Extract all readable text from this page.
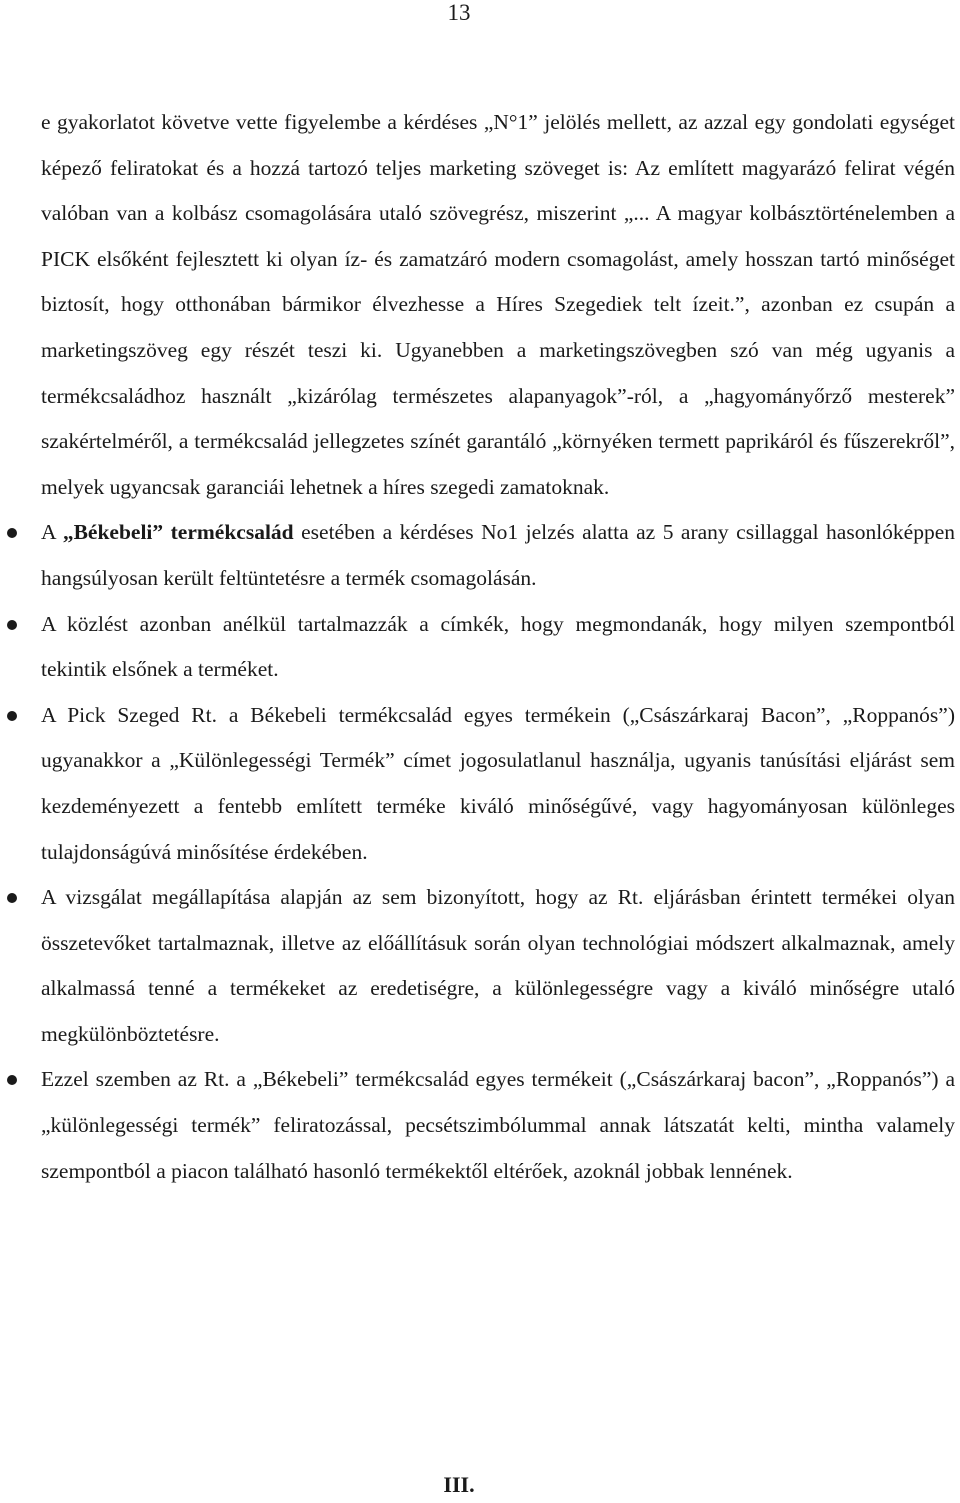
13

e gyakorlatot követve vette figyelembe a kérdéses „N°1” jelölés mellett, az azzal egy gondolati egységet képező feliratokat és a hozzá tartozó teljes marketing szöveget is: Az említett magyarázó felirat végén valóban van a kolbász csomagolására utaló szövegrész, miszerint „... A magyar kolbásztörténelemben a PICK elsőként fejlesztett ki olyan íz- és zamatzáró modern csomagolást, amely hosszan tartó minőséget biztosít, hogy otthonában bármikor élvezhesse a Híres Szegediek telt ízeit.”, azonban ez csupán a marketingszöveg egy részét teszi ki. Ugyanebben a marketingszövegben szó van még ugyanis a termékcsaládhoz használt „kizárólag természetes alapanyagok”-ról, a „hagyományőrző mesterek” szakértelméről, a termékcsalád jellegzetes színét garantáló „környéken termett paprikáról és fűszerekről”, melyek ugyancsak garanciái lehetnek a híres szegedi zamatoknak.

A „Békebeli” termékcsalád esetében a kérdéses No1 jelzés alatta az 5 arany csillaggal hasonlóképpen hangsúlyosan került feltüntetésre a termék csomagolásán.
A közlést azonban anélkül tartalmazzák a címkék, hogy megmondanák, hogy milyen szempontból tekintik elsőnek a terméket.
A Pick Szeged Rt. a Békebeli termékcsalád egyes termékein („Császárkaraj Bacon”, „Roppanós”) ugyanakkor a „Különlegességi Termék” címet jogosulatlanul használja, ugyanis tanúsítási eljárást sem kezdeményezett a fentebb említett terméke kiváló minőségűvé, vagy hagyományosan különleges tulajdonságúvá minősítése érdekében.
A vizsgálat megállapítása alapján az sem bizonyított, hogy az Rt. eljárásban érintett termékei olyan összetevőket tartalmaznak, illetve az előállításuk során olyan technológiai módszert alkalmaznak, amely alkalmassá tenné a termékeket az eredetiségre, a különlegességre vagy a kiváló minőségre utaló megkülönböztetésre.
Ezzel szemben az Rt. a „Békebeli” termékcsalád egyes termékeit („Császárkaraj bacon”, „Roppanós”) a „különlegességi termék” feliratozással, pecsétszimbólummal annak látszatát kelti, mintha valamely szempontból a piacon található hasonló termékektől eltérőek, azoknál jobbak lennének.
III.
